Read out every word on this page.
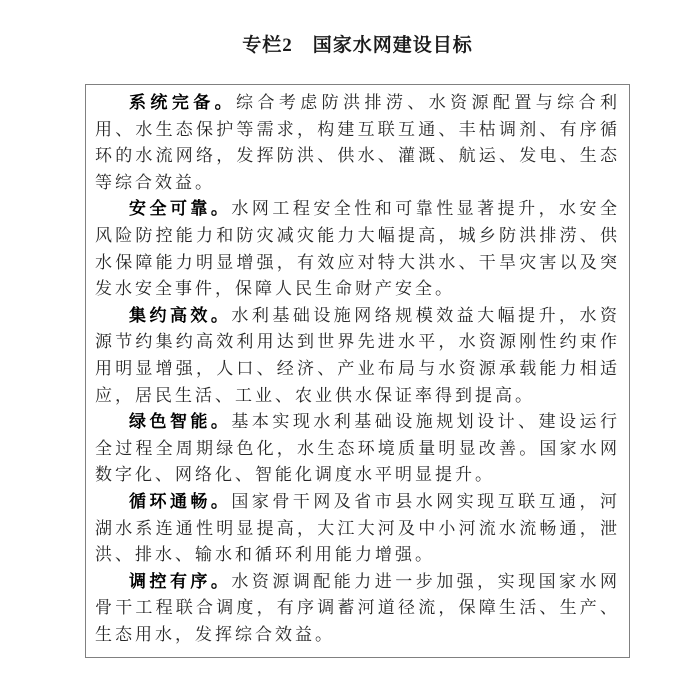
专栏2　国家水网建设目标

系统完备。综合考虑防洪排涝、水资源配置与综合利用、水生态保护等需求，构建互联互通、丰枯调剂、有序循环的水流网络，发挥防洪、供水、灌溉、航运、发电、生态等综合效益。

安全可靠。水网工程安全性和可靠性显著提升，水安全风险防控能力和防灾减灾能力大幅提高，城乡防洪排涝、供水保障能力明显增强，有效应对特大洪水、干旱灾害以及突发水安全事件，保障人民生命财产安全。

集约高效。水利基础设施网络规模效益大幅提升，水资源节约集约高效利用达到世界先进水平，水资源刚性约束作用明显增强，人口、经济、产业布局与水资源承载能力相适应，居民生活、工业、农业供水保证率得到提高。

绿色智能。基本实现水利基础设施规划设计、建设运行全过程全周期绿色化，水生态环境质量明显改善。国家水网数字化、网络化、智能化调度水平明显提升。

循环通畅。国家骨干网及省市县水网实现互联互通，河湖水系连通性明显提高，大江大河及中小河流水流畅通，泄洪、排水、输水和循环利用能力增强。

调控有序。水资源调配能力进一步加强，实现国家水网骨干工程联合调度，有序调蓄河道径流，保障生活、生产、生态用水，发挥综合效益。
